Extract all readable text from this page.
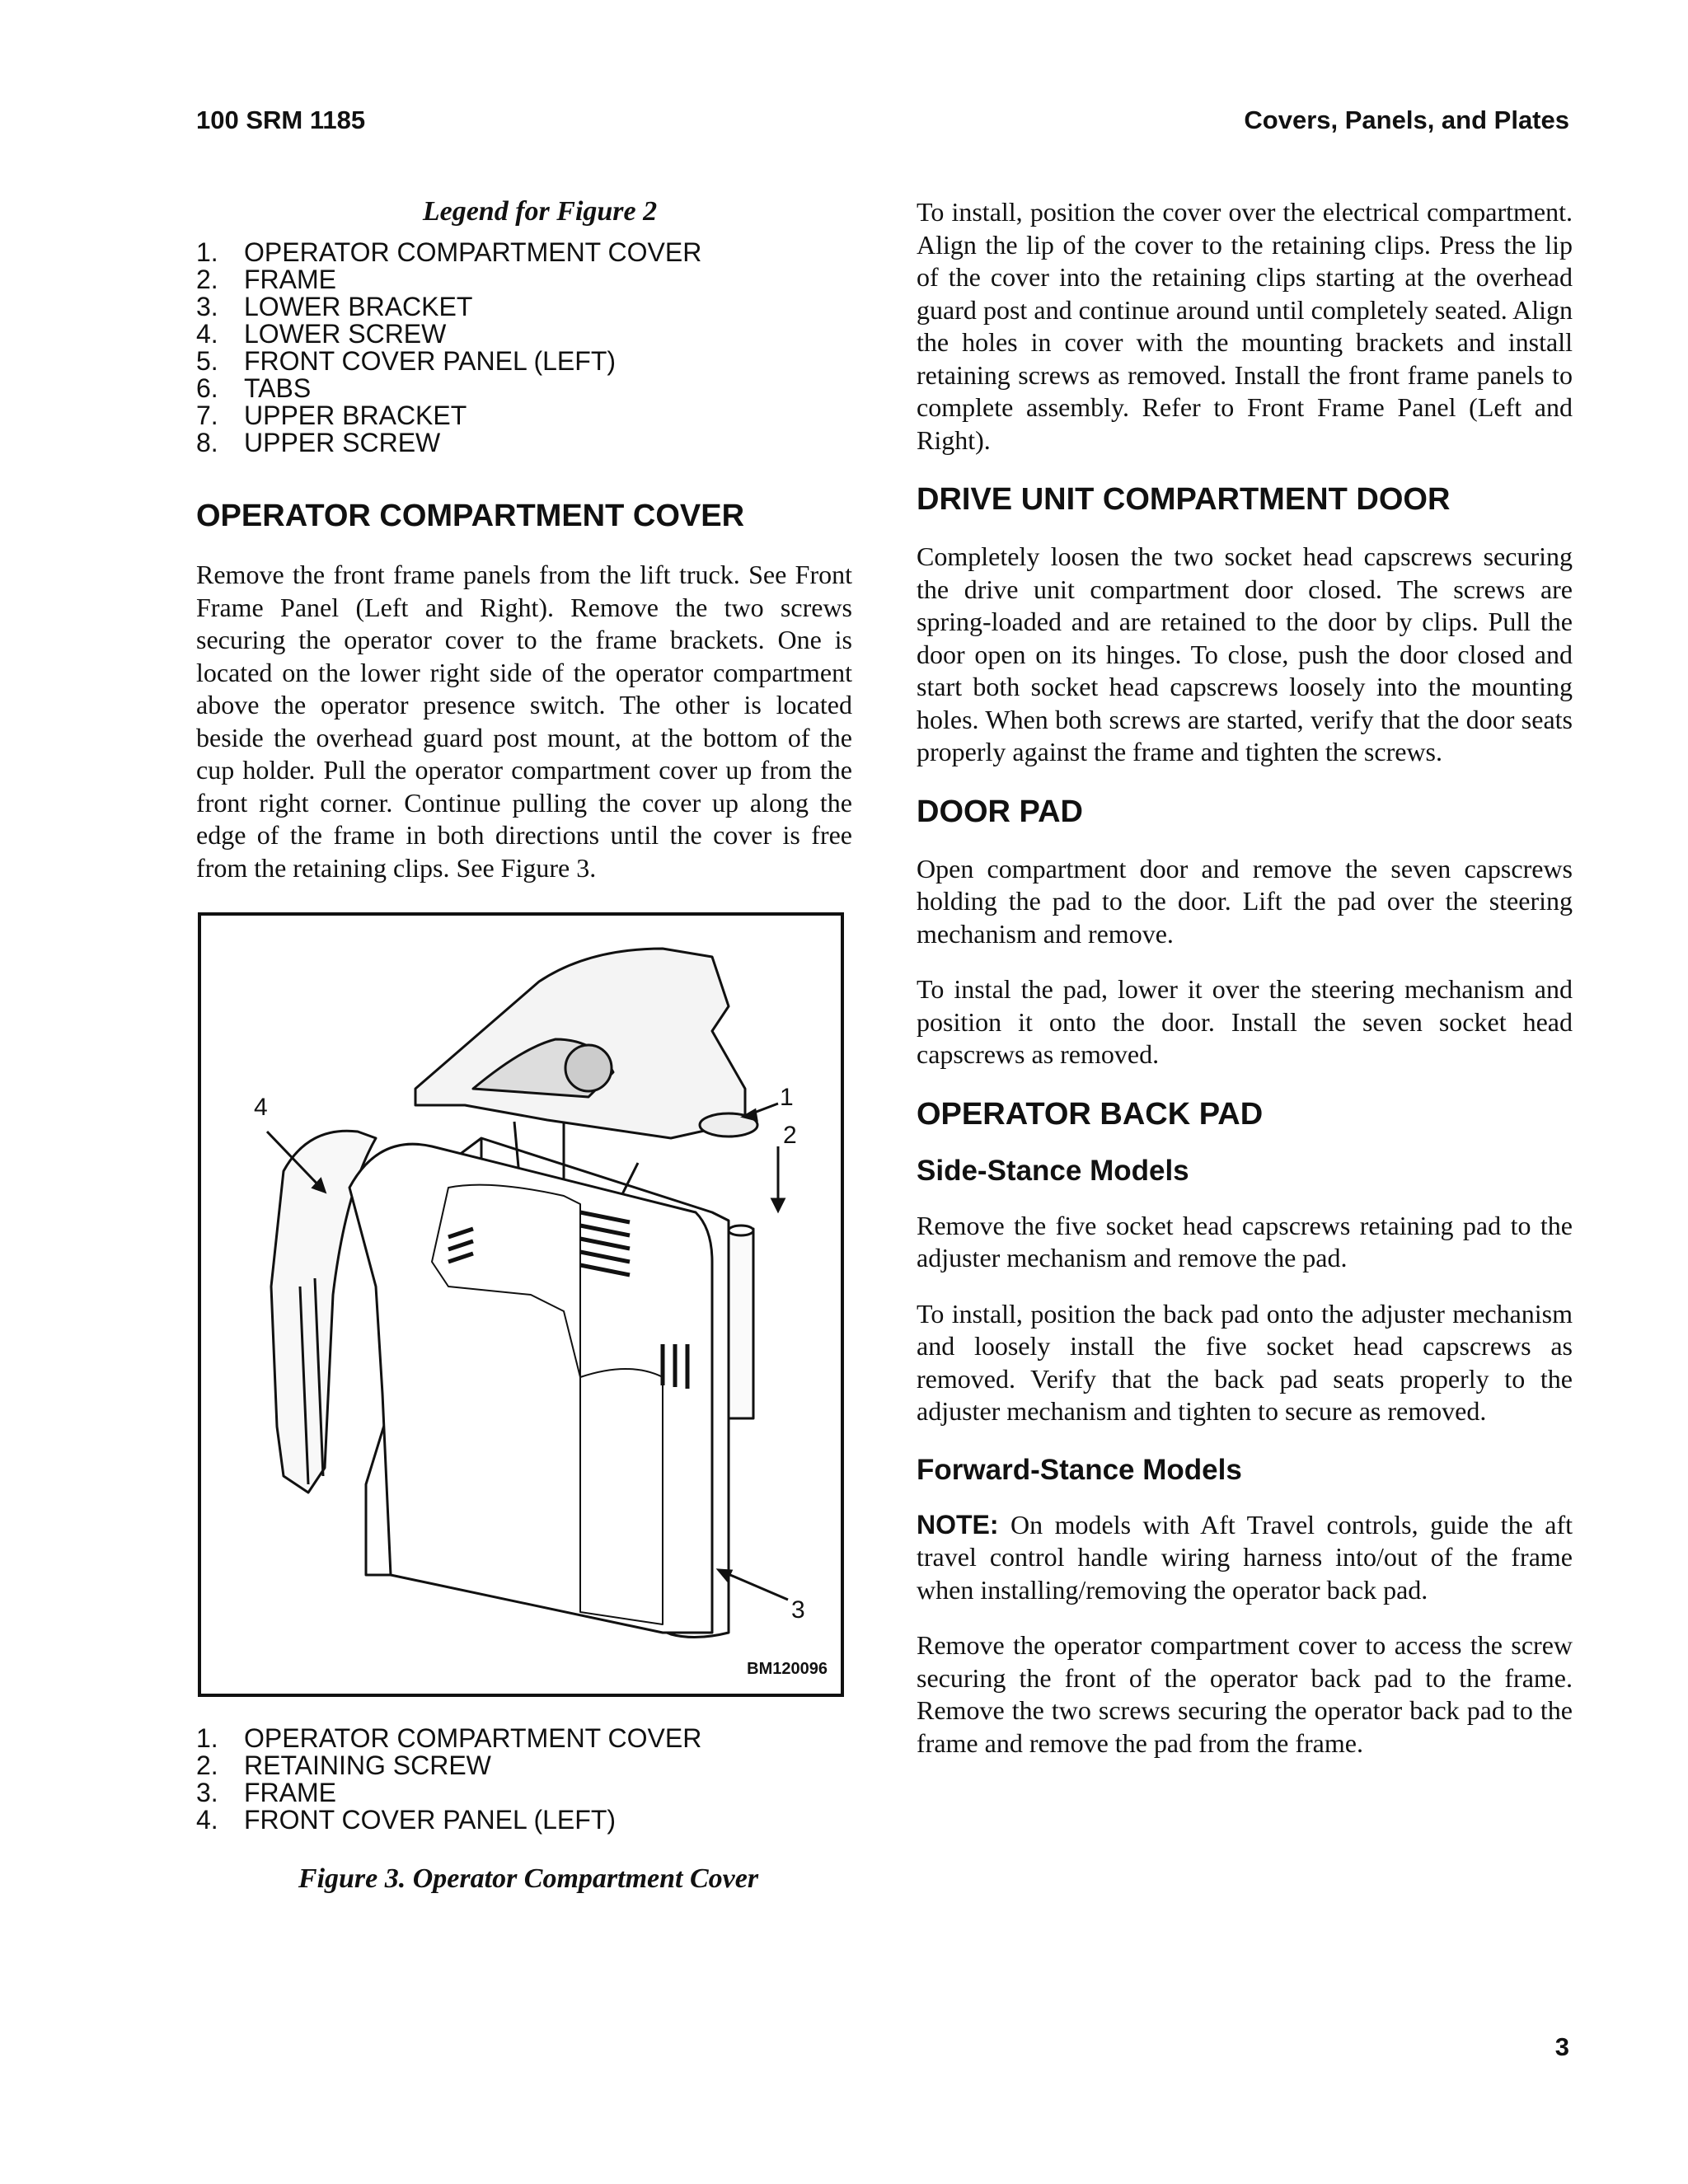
100 SRM 1185	Covers, Panels, and Plates
Legend for Figure 2
1. OPERATOR COMPARTMENT COVER
2. FRAME
3. LOWER BRACKET
4. LOWER SCREW
5. FRONT COVER PANEL (LEFT)
6. TABS
7. UPPER BRACKET
8. UPPER SCREW
OPERATOR COMPARTMENT COVER

Remove the front frame panels from the lift truck. See Front Frame Panel (Left and Right). Remove the two screws securing the operator cover to the frame brackets. One is located on the lower right side of the operator compartment above the operator presence switch. The other is located beside the overhead guard post mount, at the bottom of the cup holder. Pull the operator compartment cover up from the front right corner. Continue pulling the cover up along the edge of the frame in both directions until the cover is free from the retaining clips. See Figure 3.

4	1
2
3
BM120096
1. OPERATOR COMPARTMENT COVER
2. RETAINING SCREW
3. FRAME
4. FRONT COVER PANEL (LEFT)
Figure 3. Operator Compartment Cover

To install, position the cover over the electrical compartment. Align the lip of the cover to the retaining clips. Press the lip of the cover into the retaining clips starting at the overhead guard post and continue around until completely seated. Align the holes in cover with the mounting brackets and install retaining screws as removed. Install the front frame panels to complete assembly. Refer to Front Frame Panel (Left and Right).

DRIVE UNIT COMPARTMENT DOOR

Completely loosen the two socket head capscrews securing the drive unit compartment door closed. The screws are spring-loaded and are retained to the door by clips. Pull the door open on its hinges. To close, push the door closed and start both socket head capscrews loosely into the mounting holes. When both screws are started, verify that the door seats properly against the frame and tighten the screws.

DOOR PAD

Open compartment door and remove the seven capscrews holding the pad to the door. Lift the pad over the steering mechanism and remove.

To instal the pad, lower it over the steering mechanism and position it onto the door. Install the seven socket head capscrews as removed.

OPERATOR BACK PAD
Side-Stance Models

Remove the five socket head capscrews retaining pad to the adjuster mechanism and remove the pad.

To install, position the back pad onto the adjuster mechanism and loosely install the five socket head capscrews as removed. Verify that the back pad seats properly to the adjuster mechanism and tighten to secure as removed.

Forward-Stance Models

NOTE: On models with Aft Travel controls, guide the aft travel control handle wiring harness into/out of the frame when installing/removing the operator back pad.

Remove the operator compartment cover to access the screw securing the front of the operator back pad to the frame. Remove the two screws securing the operator back pad to the frame and remove the pad from the frame.

3
